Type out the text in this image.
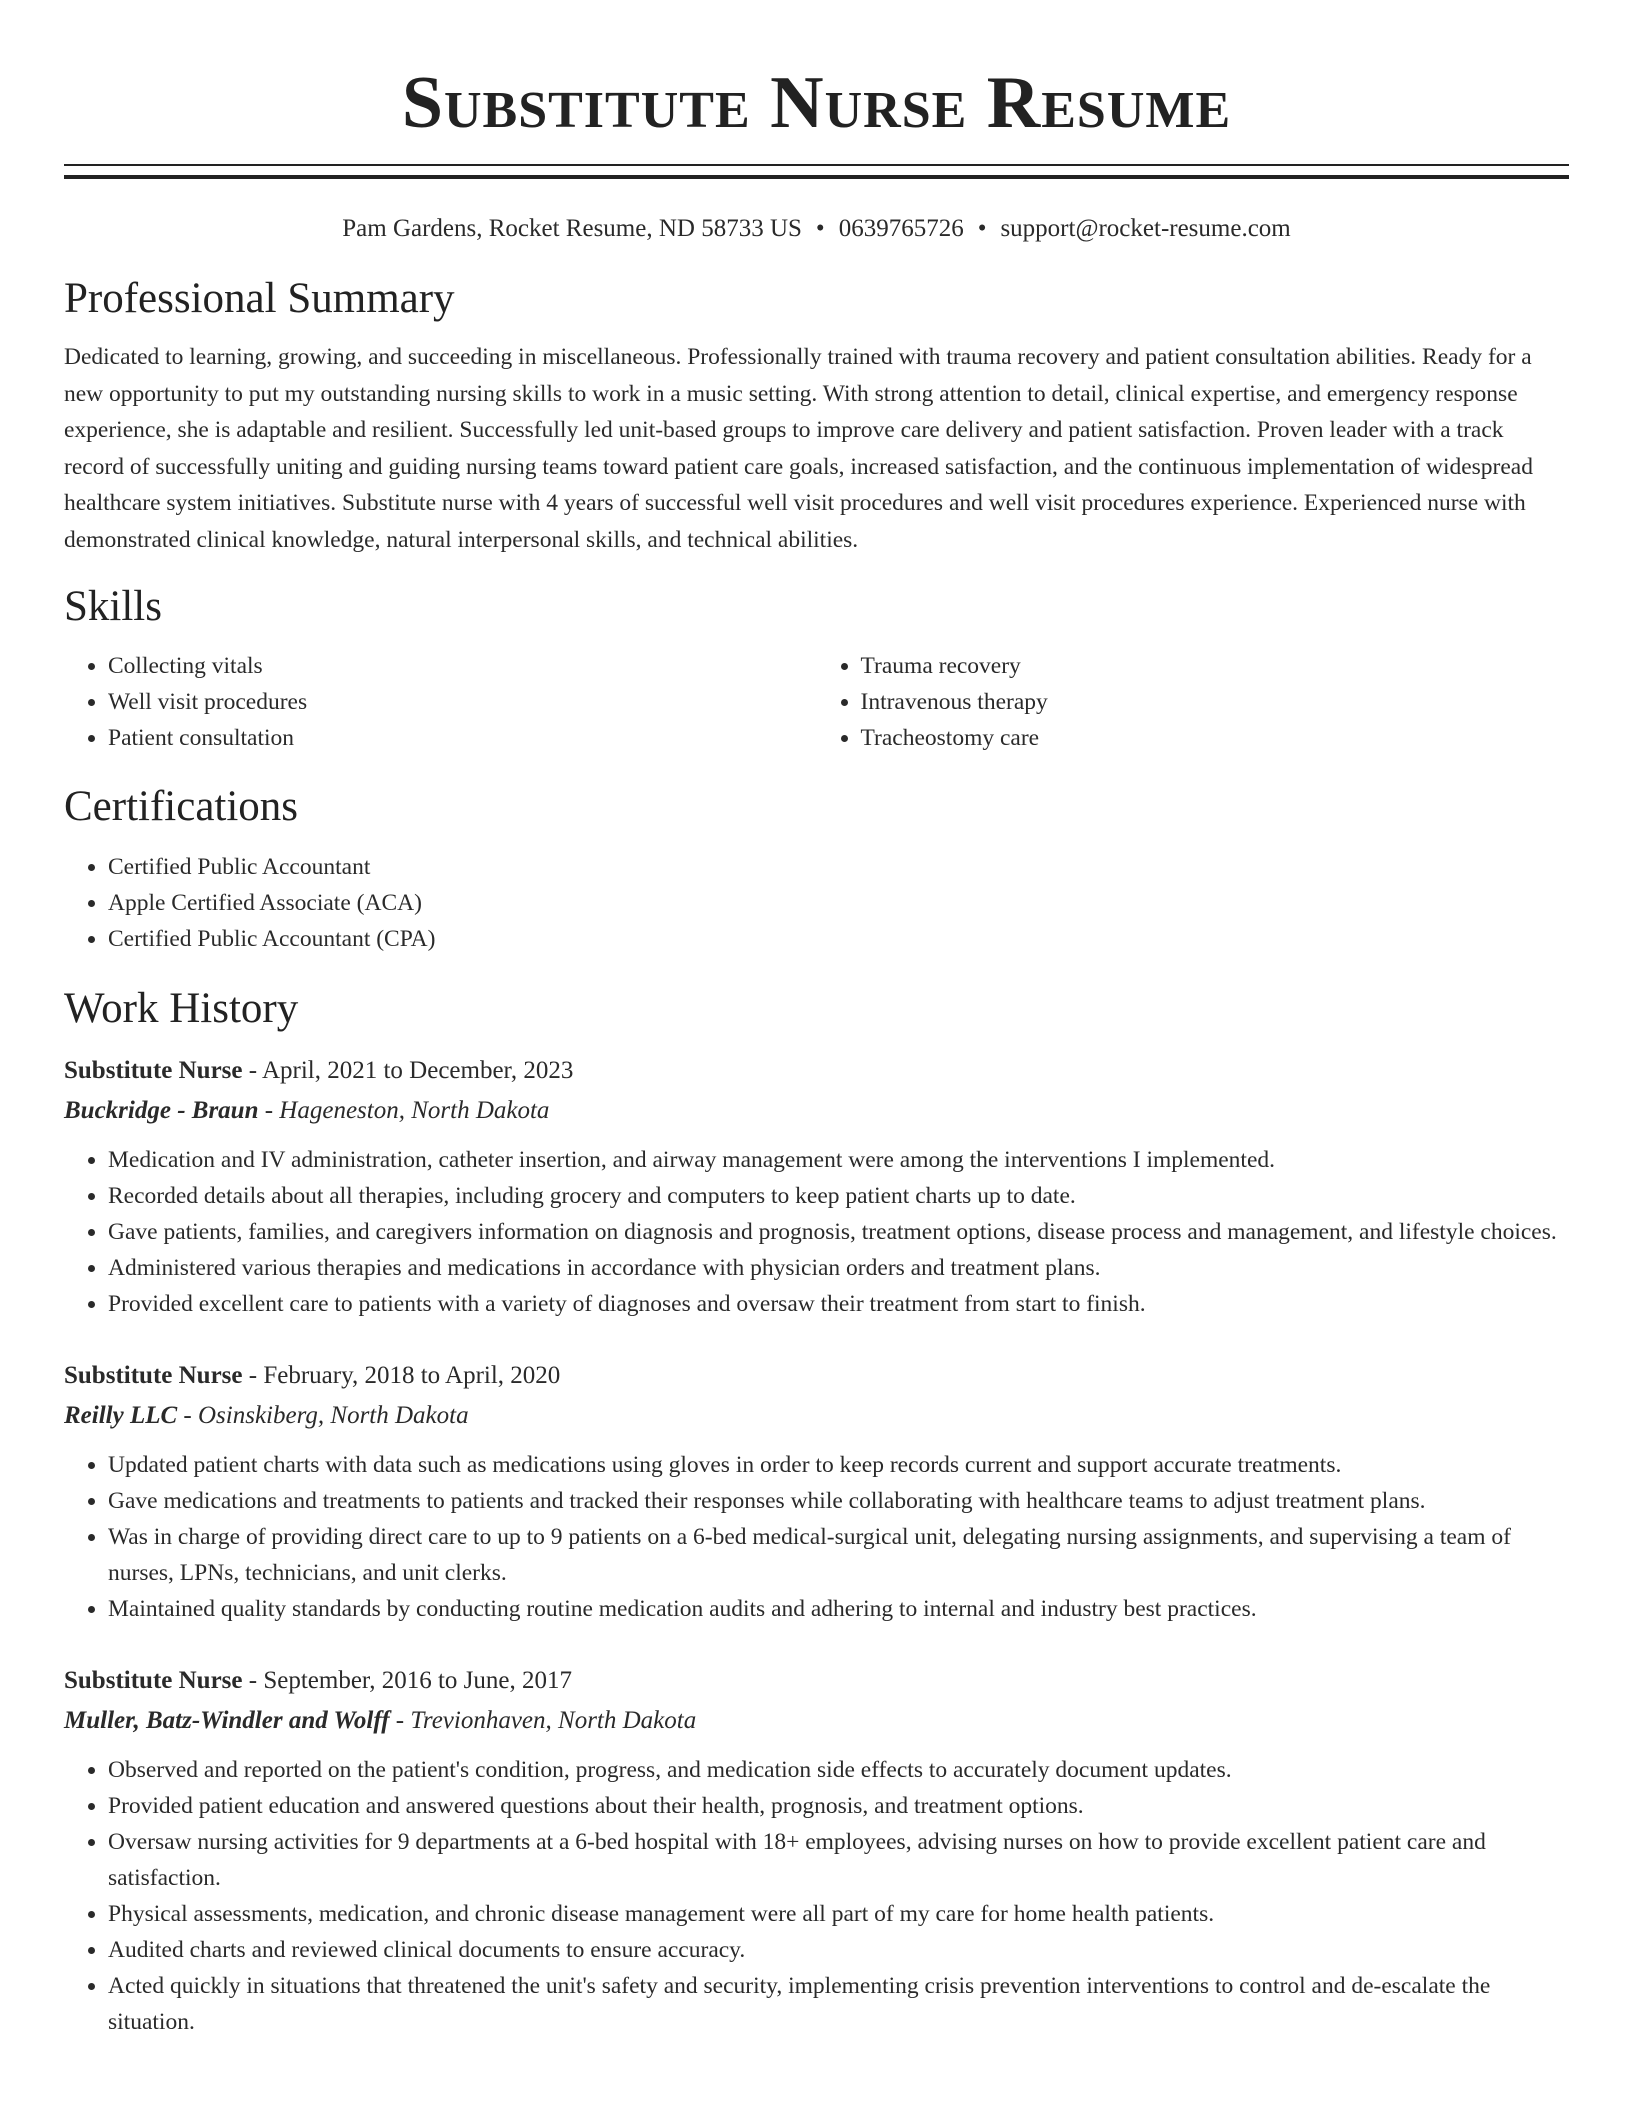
Substitute Nurse Resume
Pam Gardens, Rocket Resume, ND 58733 US • 0639765726 • support@rocket-resume.com
Professional Summary

Dedicated to learning, growing, and succeeding in miscellaneous. Professionally trained with trauma recovery and patient consultation abilities. Ready for a new opportunity to put my outstanding nursing skills to work in a music setting. With strong attention to detail, clinical expertise, and emergency response experience, she is adaptable and resilient. Successfully led unit-based groups to improve care delivery and patient satisfaction. Proven leader with a track record of successfully uniting and guiding nursing teams toward patient care goals, increased satisfaction, and the continuous implementation of widespread healthcare system initiatives. Substitute nurse with 4 years of successful well visit procedures and well visit procedures experience. Experienced nurse with demonstrated clinical knowledge, natural interpersonal skills, and technical abilities.

Skills
• Collecting vitals
• Well visit procedures
• Patient consultation
• Trauma recovery
• Intravenous therapy
• Tracheostomy care
Certifications
• Certified Public Accountant
• Apple Certified Associate (ACA)
• Certified Public Accountant (CPA)
Work History
Substitute Nurse - April, 2021 to December, 2023
Buckridge - Braun - Hageneston, North Dakota
• Medication and IV administration, catheter insertion, and airway management were among the interventions I implemented.
• Recorded details about all therapies, including grocery and computers to keep patient charts up to date.
• Gave patients, families, and caregivers information on diagnosis and prognosis, treatment options, disease process and management, and lifestyle choices.
• Administered various therapies and medications in accordance with physician orders and treatment plans.
• Provided excellent care to patients with a variety of diagnoses and oversaw their treatment from start to finish.
Substitute Nurse - February, 2018 to April, 2020
Reilly LLC - Osinskiberg, North Dakota
• Updated patient charts with data such as medications using gloves in order to keep records current and support accurate treatments.
• Gave medications and treatments to patients and tracked their responses while collaborating with healthcare teams to adjust treatment plans.
• Was in charge of providing direct care to up to 9 patients on a 6-bed medical-surgical unit, delegating nursing assignments, and supervising a team of nurses, LPNs, technicians, and unit clerks.
• Maintained quality standards by conducting routine medication audits and adhering to internal and industry best practices.
Substitute Nurse - September, 2016 to June, 2017
Muller, Batz-Windler and Wolff - Trevionhaven, North Dakota
• Observed and reported on the patient's condition, progress, and medication side effects to accurately document updates.
• Provided patient education and answered questions about their health, prognosis, and treatment options.
• Oversaw nursing activities for 9 departments at a 6-bed hospital with 18+ employees, advising nurses on how to provide excellent patient care and satisfaction.
• Physical assessments, medication, and chronic disease management were all part of my care for home health patients.
• Audited charts and reviewed clinical documents to ensure accuracy.
• Acted quickly in situations that threatened the unit's safety and security, implementing crisis prevention interventions to control and de-escalate the situation.
